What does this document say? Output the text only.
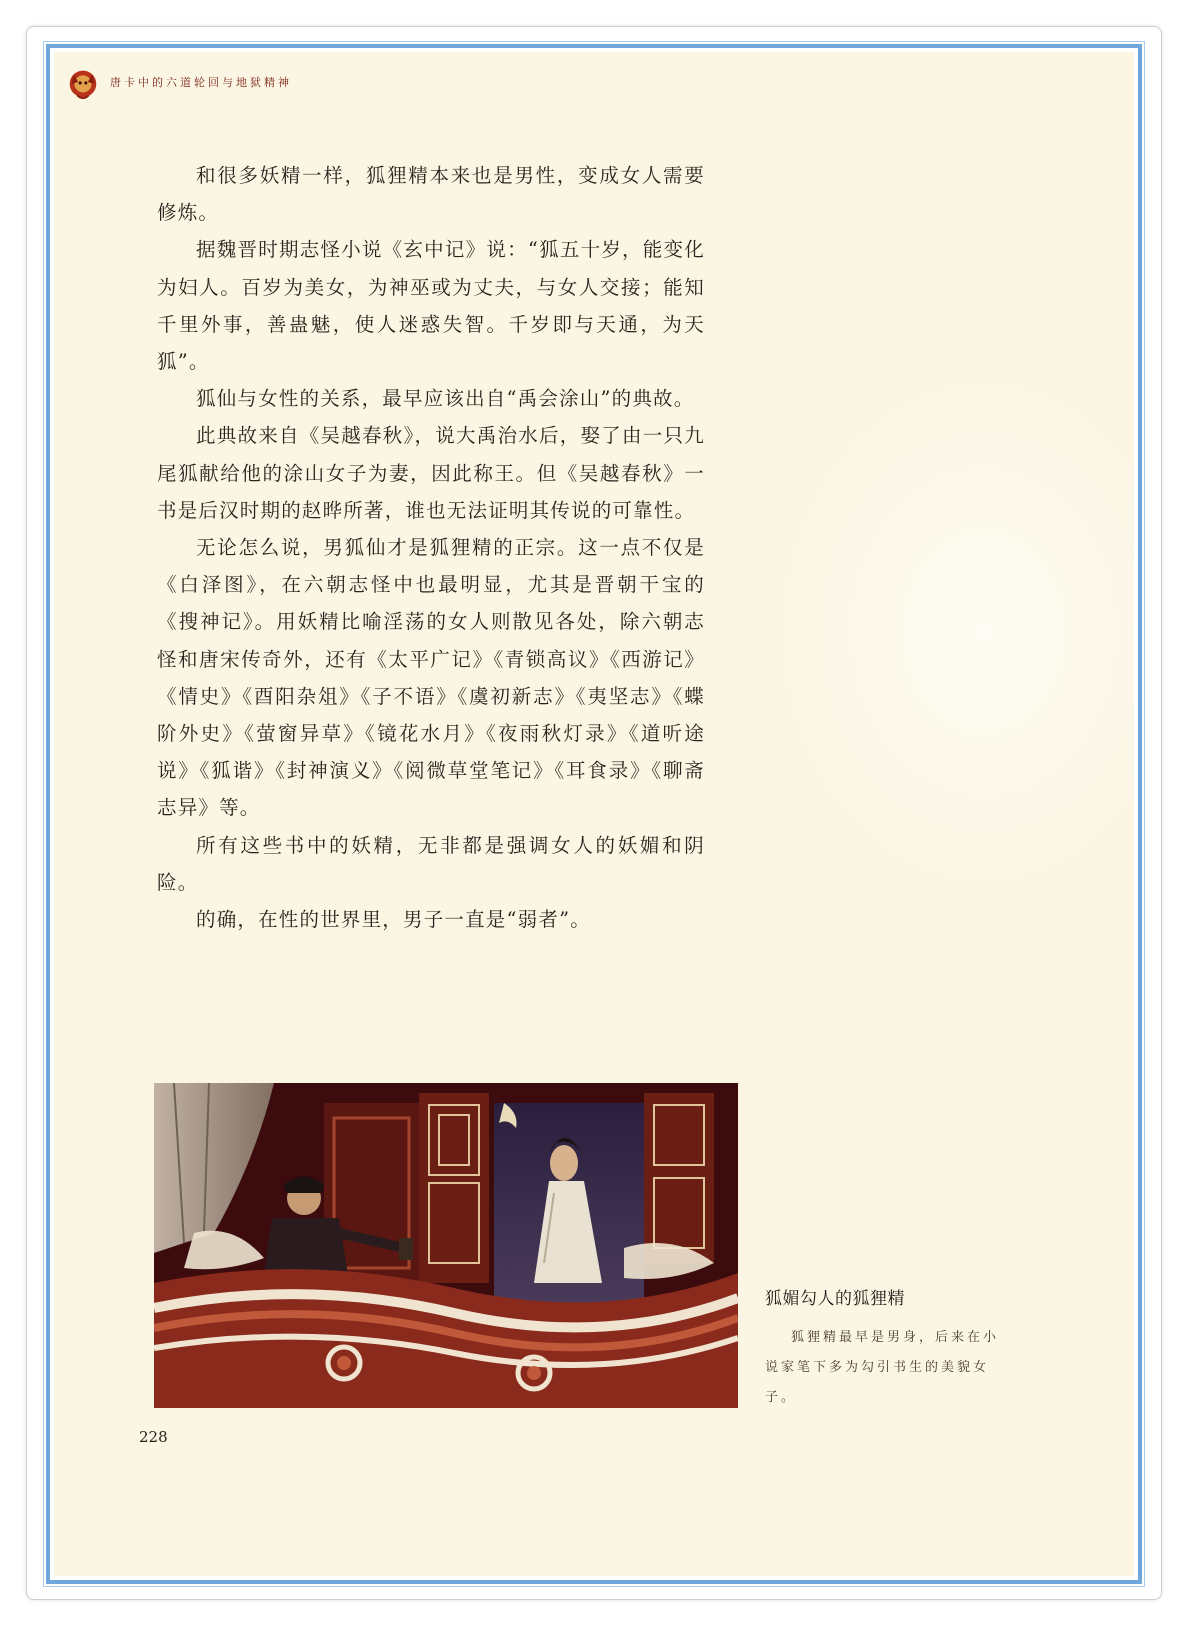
唐卡中的六道轮回与地狱精神

和很多妖精一样，狐狸精本来也是男性，变成女人需要修炼。

据魏晋时期志怪小说《玄中记》说：“狐五十岁，能变化为妇人。百岁为美女，为神巫或为丈夫，与女人交接；能知千里外事，善蛊魅，使人迷惑失智。千岁即与天通，为天狐”。

狐仙与女性的关系，最早应该出自“禹会涂山”的典故。

此典故来自《吴越春秋》，说大禹治水后，娶了由一只九尾狐献给他的涂山女子为妻，因此称王。但《吴越春秋》一书是后汉时期的赵晔所著，谁也无法证明其传说的可靠性。

无论怎么说，男狐仙才是狐狸精的正宗。这一点不仅是《白泽图》，在六朝志怪中也最明显，尤其是晋朝干宝的《搜神记》。用妖精比喻淫荡的女人则散见各处，除六朝志怪和唐宋传奇外，还有《太平广记》《青锁高议》《西游记》《情史》《酉阳杂俎》《子不语》《虞初新志》《夷坚志》《蝶阶外史》《萤窗异草》《镜花水月》《夜雨秋灯录》《道听途说》《狐谐》《封神演义》《阅微草堂笔记》《耳食录》《聊斋志异》等。

所有这些书中的妖精，无非都是强调女人的妖媚和阴险。

的确，在性的世界里，男子一直是“弱者”。

狐媚勾人的狐狸精

狐狸精最早是男身，后来在小说家笔下多为勾引书生的美貌女子。

228
